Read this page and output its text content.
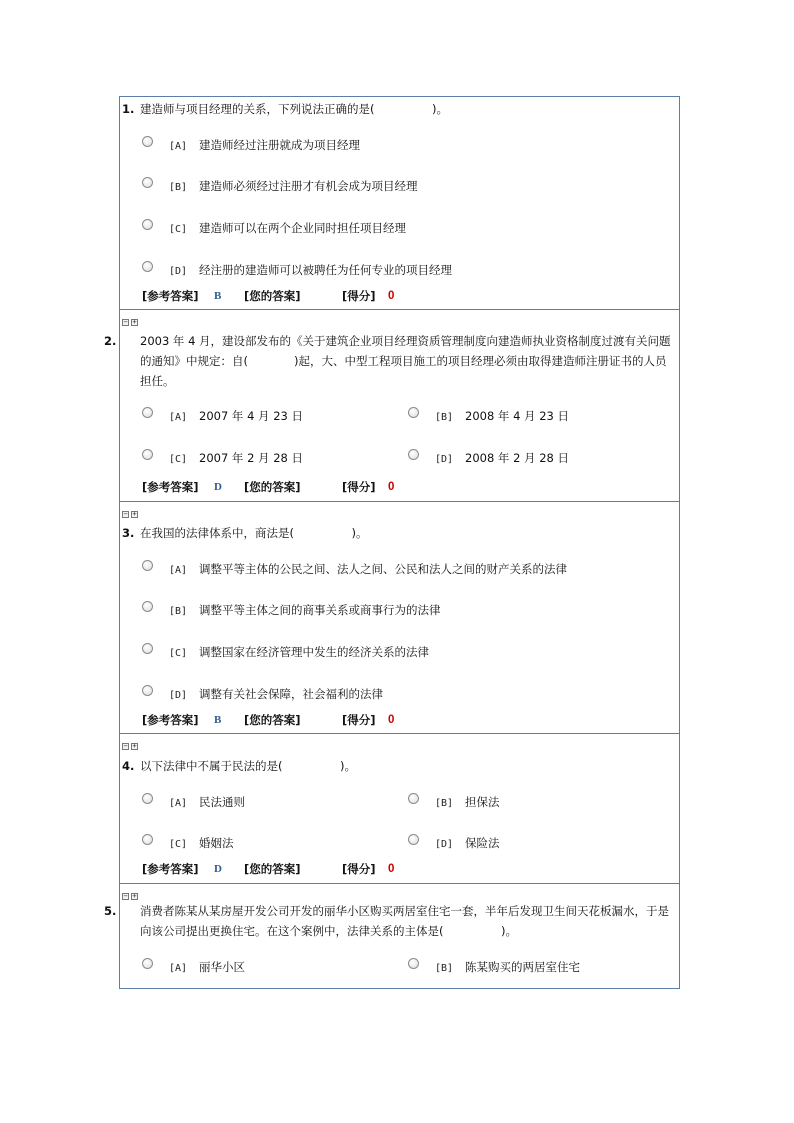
1. 建造师与项目经理的关系，下列说法正确的是(　　　　　)。
[A] 建造师经过注册就成为项目经理
[B] 建造师必须经过注册才有机会成为项目经理
[C] 建造师可以在两个企业同时担任项目经理
[D] 经注册的建造师可以被聘任为任何专业的项目经理
[参考答案] B [您的答案]	[得分] 0
− +
2. 2003 年 4 月，建设部发布的《关于建筑企业项目经理资质管理制度向建造师执业资格制度过渡有关问题的通知》中规定：自(　　　　)起，大、中型工程项目施工的项目经理必须由取得建造师注册证书的人员担任。
[A] 2007 年 4 月 23 日	[B] 2008 年 4 月 23 日
[C] 2007 年 2 月 28 日	[D] 2008 年 2 月 28 日
[参考答案] D [您的答案]	[得分] 0
− +
3. 在我国的法律体系中，商法是(　　　　　)。
[A] 调整平等主体的公民之间、法人之间、公民和法人之间的财产关系的法律
[B] 调整平等主体之间的商事关系或商事行为的法律
[C] 调整国家在经济管理中发生的经济关系的法律
[D] 调整有关社会保障，社会福利的法律
[参考答案] B [您的答案]	[得分] 0
− +
4. 以下法律中不属于民法的是(　　　　　)。
[A] 民法通则	[B] 担保法
[C] 婚姻法	[D] 保险法
[参考答案] D [您的答案]	[得分] 0
− +
5. 消费者陈某从某房屋开发公司开发的丽华小区购买两居室住宅一套，半年后发现卫生间天花板漏水，于是向该公司提出更换住宅。在这个案例中，法律关系的主体是(　　　　　)。
[A] 丽华小区	[B] 陈某购买的两居室住宅
